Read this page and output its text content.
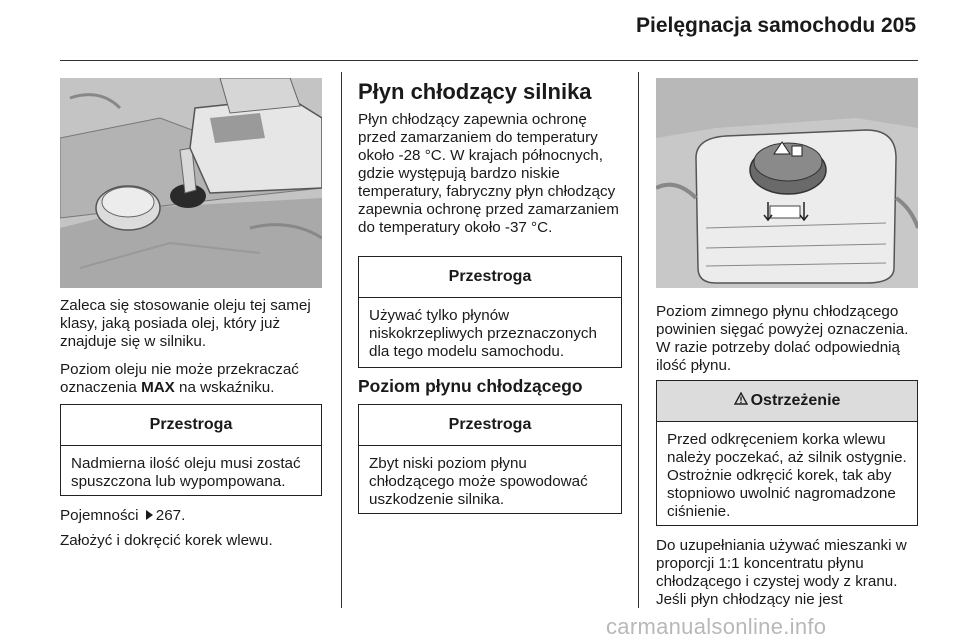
Pielęgnacja samochodu 205
Zaleca się stosowanie oleju tej samej klasy, jaką posiada olej, który już znajduje się w silniku.
Poziom oleju nie może przekraczać oznaczenia MAX na wskaźniku.
Przestroga
Nadmierna ilość oleju musi zostać spuszczona lub wypompowana.
Pojemności 267.
Założyć i dokręcić korek wlewu.
Płyn chłodzący silnika
Płyn chłodzący zapewnia ochronę przed zamarzaniem do temperatury około -28 °C. W krajach północnych, gdzie występują bardzo niskie temperatury, fabryczny płyn chłodzący zapewnia ochronę przed zamarzaniem do temperatury około -37 °C.
Przestroga
Używać tylko płynów niskokrzepliwych przeznaczonych dla tego modelu samochodu.
Poziom płynu chłodzącego
Przestroga
Zbyt niski poziom płynu chłodzącego może spowodować uszkodzenie silnika.
Poziom zimnego płynu chłodzącego powinien sięgać powyżej oznaczenia. W razie potrzeby dolać odpowiednią ilość płynu.
Ostrzeżenie
Przed odkręceniem korka wlewu należy poczekać, aż silnik ostygnie. Ostrożnie odkręcić korek, tak aby stopniowo uwolnić nagromadzone ciśnienie.
Do uzupełniania używać mieszanki w proporcji 1:1 koncentratu płynu chłodzącego i czystej wody z kranu. Jeśli płyn chłodzący nie jest
carmanualsonline.info
